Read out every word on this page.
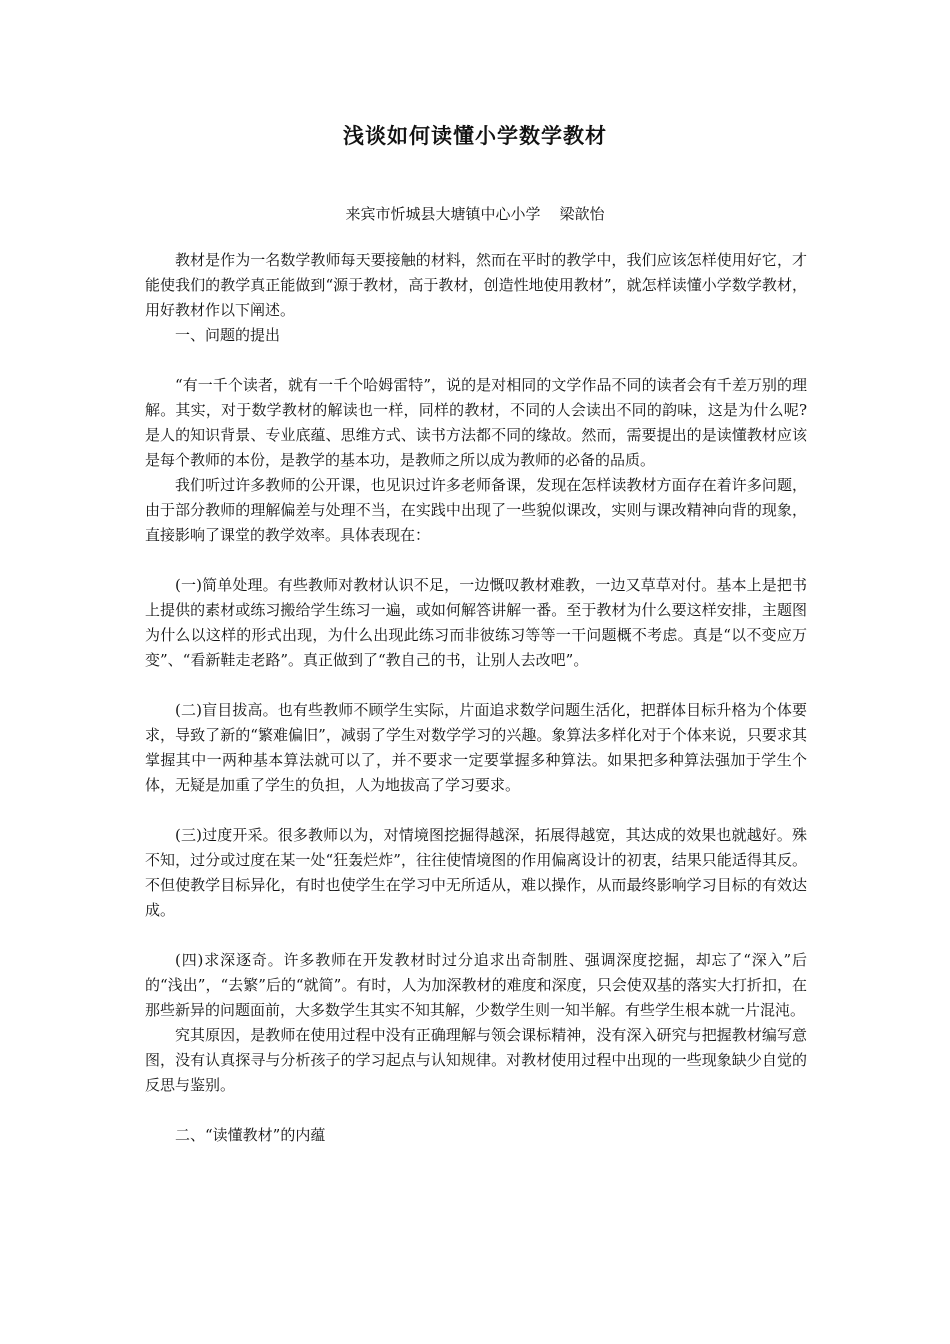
浅谈如何读懂小学数学教材
来宾市忻城县大塘镇中心小学    梁歆怡

教材是作为一名数学教师每天要接触的材料，然而在平时的教学中，我们应该怎样使用好它，才能使我们的教学真正能做到“源于教材，高于教材，创造性地使用教材”，就怎样读懂小学数学教材，用好教材作以下阐述。

一、问题的提出

“有一千个读者，就有一千个哈姆雷特”，说的是对相同的文学作品不同的读者会有千差万别的理解。其实，对于数学教材的解读也一样，同样的教材，不同的人会读出不同的韵味，这是为什么呢?是人的知识背景、专业底蕴、思维方式、读书方法都不同的缘故。然而，需要提出的是读懂教材应该是每个教师的本份，是教学的基本功，是教师之所以成为教师的必备的品质。

我们听过许多教师的公开课，也见识过许多老师备课，发现在怎样读教材方面存在着许多问题，由于部分教师的理解偏差与处理不当，在实践中出现了一些貌似课改，实则与课改精神向背的现象，直接影响了课堂的教学效率。具体表现在：

(一)简单处理。有些教师对教材认识不足，一边慨叹教材难教，一边又草草对付。基本上是把书上提供的素材或练习搬给学生练习一遍，或如何解答讲解一番。至于教材为什么要这样安排，主题图为什么以这样的形式出现，为什么出现此练习而非彼练习等等一干问题概不考虑。真是“以不变应万变”、“看新鞋走老路”。真正做到了“教自己的书，让别人去改吧”。

(二)盲目拔高。也有些教师不顾学生实际，片面追求数学问题生活化，把群体目标升格为个体要求，导致了新的“繁难偏旧”，减弱了学生对数学学习的兴趣。象算法多样化对于个体来说，只要求其掌握其中一两种基本算法就可以了，并不要求一定要掌握多种算法。如果把多种算法强加于学生个体，无疑是加重了学生的负担，人为地拔高了学习要求。

(三)过度开采。很多教师以为，对情境图挖掘得越深，拓展得越宽，其达成的效果也就越好。殊不知，过分或过度在某一处“狂轰烂炸”，往往使情境图的作用偏离设计的初衷，结果只能适得其反。不但使教学目标异化，有时也使学生在学习中无所适从，难以操作，从而最终影响学习目标的有效达成。

(四)求深逐奇。许多教师在开发教材时过分追求出奇制胜、强调深度挖掘，却忘了“深入”后的“浅出”，“去繁”后的“就简”。有时，人为加深教材的难度和深度，只会使双基的落实大打折扣，在那些新异的问题面前，大多数学生其实不知其解，少数学生则一知半解。有些学生根本就一片混沌。

究其原因，是教师在使用过程中没有正确理解与领会课标精神，没有深入研究与把握教材编写意图，没有认真探寻与分析孩子的学习起点与认知规律。对教材使用过程中出现的一些现象缺少自觉的反思与鉴别。

二、“读懂教材”的内蕴
